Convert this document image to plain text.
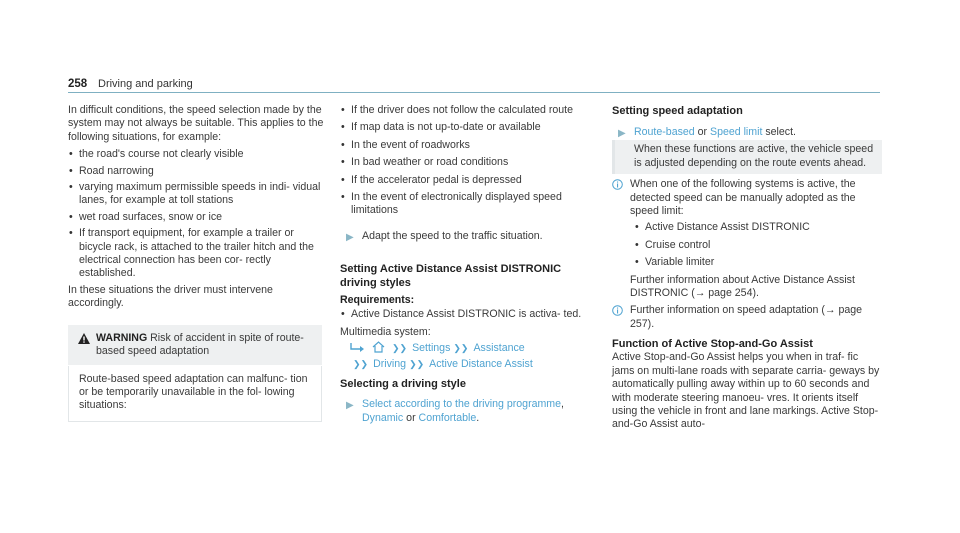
258 Driving and parking

In difficult conditions, the speed selection made by the system may not always be suitable. This applies to the following situations, for example:

• the road's course not clearly visible
• Road narrowing
• varying maximum permissible speeds in indi- vidual lanes, for example at toll stations
• wet road surfaces, snow or ice
• If transport equipment, for example a trailer or bicycle rack, is attached to the trailer hitch and the electrical connection has been cor- rectly established.

In these situations the driver must intervene accordingly.

WARNING Risk of accident in spite of route-based speed adaptation
Route-based speed adaptation can malfunc- tion or be temporarily unavailable in the fol- lowing situations:
• If the driver does not follow the calculated route
• If map data is not up-to-date or available
• In the event of roadworks
• In bad weather or road conditions
• If the accelerator pedal is depressed
• In the event of electronically displayed speed limitations
▶ Adapt the speed to the traffic situation.
Setting Active Distance Assist DISTRONIC driving styles

Requirements:

• Active Distance Assist DISTRONIC is activa- ted.

Multimedia system:

❯❯ Settings ❯❯ Assistance
❯❯ Driving ❯❯ Active Distance Assist
Selecting a driving style
▶ Select according to the driving programme, Dynamic or Comfortable.
Setting speed adaptation
▶ Route-based or Speed limit select.
When these functions are active, the vehicle speed is adjusted depending on the route events ahead.

When one of the following systems is active, the detected speed can be manually adopted as the speed limit:

• Active Distance Assist DISTRONIC
• Cruise control
• Variable limiter

Further information about Active Distance Assist DISTRONIC (→ page 254).

Further information on speed adaptation (→ page 257).

Function of Active Stop-and-Go Assist

Active Stop-and-Go Assist helps you when in traf- fic jams on multi-lane roads with separate carria- geways by automatically pulling away within up to 60 seconds and with moderate steering manoeu- vres. It orients itself using the vehicle in front and lane markings. Active Stop-and-Go Assist auto-
